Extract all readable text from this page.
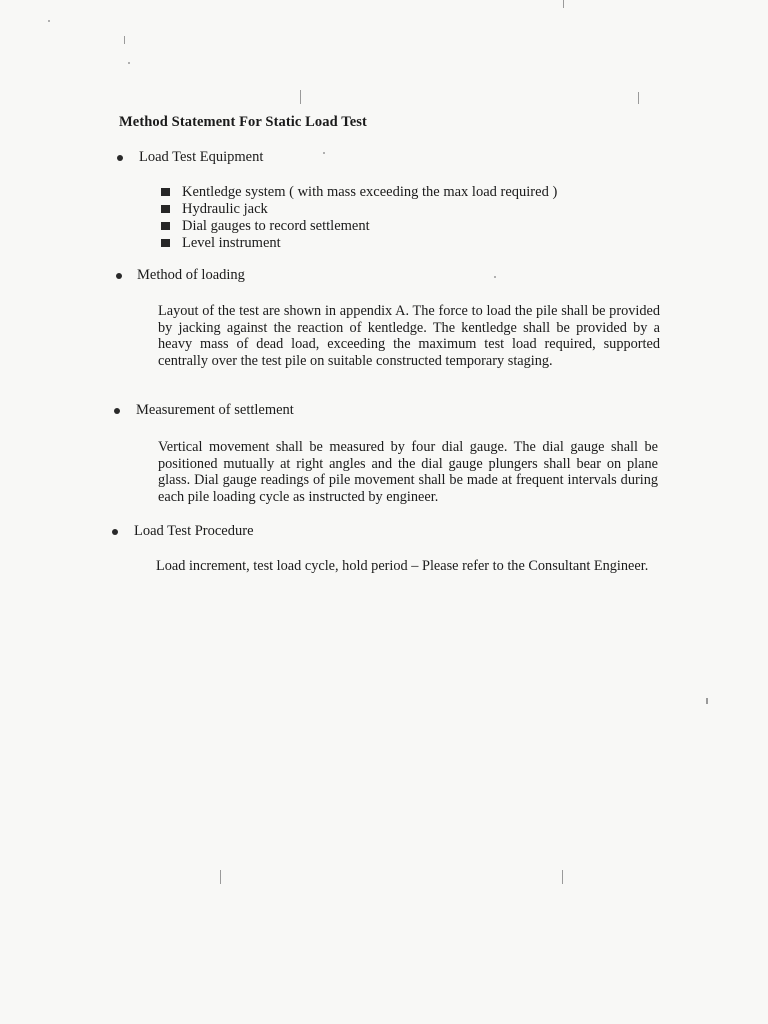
Method Statement For Static Load Test
Load Test Equipment
Kentledge system ( with mass exceeding the max load required )
Hydraulic jack
Dial gauges to record settlement
Level instrument
Method of loading
Layout of the test are shown in appendix A. The force to load the pile shall be provided by jacking against the reaction of kentledge. The kentledge shall be provided by a heavy mass of dead load, exceeding the maximum test load required, supported centrally over the test pile on suitable constructed temporary staging.
Measurement of settlement
Vertical movement shall be measured by four dial gauge. The dial gauge shall be positioned mutually at right angles and the dial gauge plungers shall bear on plane glass. Dial gauge readings of pile movement shall be made at frequent intervals during each pile loading cycle as instructed by engineer.
Load Test Procedure
Load increment, test load cycle, hold period – Please refer to the Consultant Engineer.
